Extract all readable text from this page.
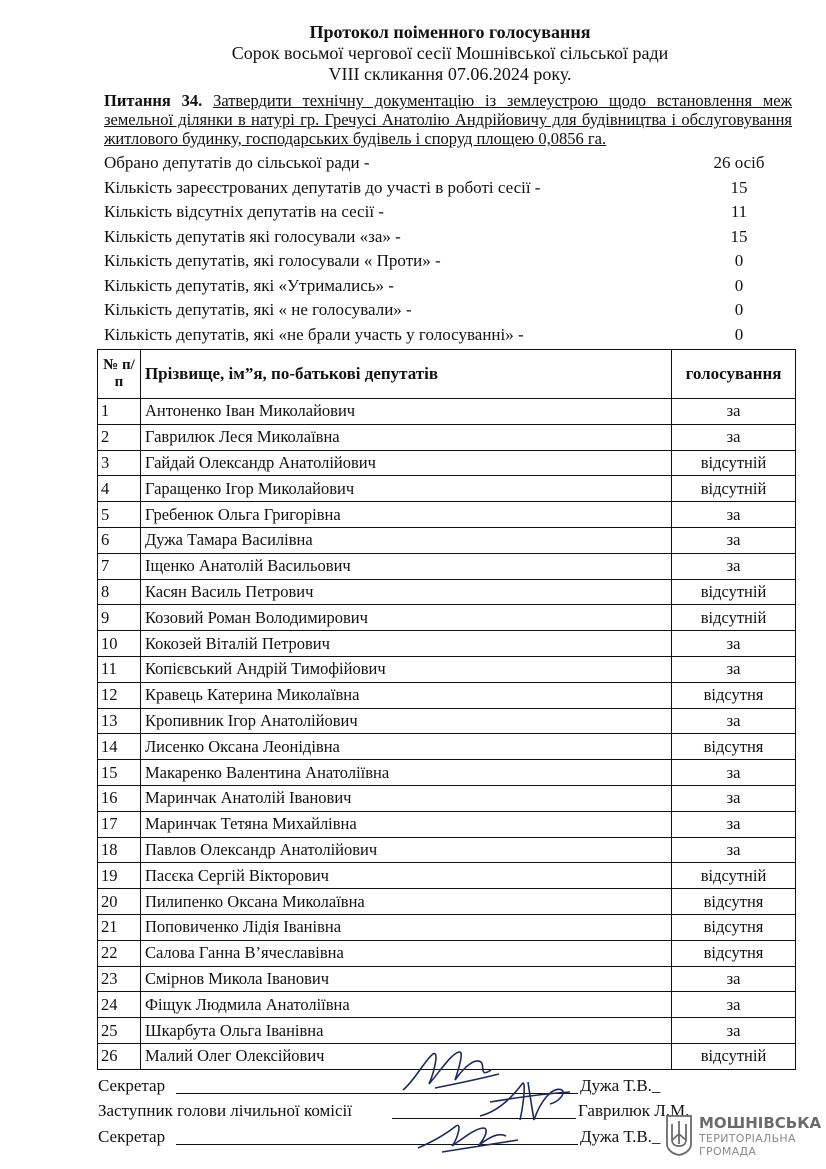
Протокол поіменного голосування
Сорок восьмої чергової сесії Мошнівської сільської ради
VIII скликання 07.06.2024 року.
Питання 34. Затвердити технічну документацію із землеустрою щодо встановлення меж земельної ділянки в натурі гр. Гречусі Анатолію Андрійовичу для будівництва і обслуговування житлового будинку, господарських будівель і споруд площею 0,0856 га.
Обрано депутатів до сільської ради -	26 осіб
Кількість зареєстрованих депутатів до участі в роботі сесії -	15
Кількість відсутніх депутатів на сесії -	11
Кількість депутатів які голосували «за» -	15
Кількість депутатів, які голосували « Проти» -	0
Кількість депутатів, які «Утримались» -	0
Кількість депутатів, які « не голосували» -	0
Кількість депутатів, які «не брали участь у голосуванні» -	0
№ п/п	Прізвище, ім”я, по-батькові депутатів	голосування
1	Антоненко Іван Миколайович	за
2	Гаврилюк Леся Миколаївна	за
3	Гайдай Олександр Анатолійович	відсутній
4	Гаращенко Ігор Миколайович	відсутній
5	Гребенюк Ольга Григорівна	за
6	Дужа Тамара Василівна	за
7	Іщенко Анатолій Васильович	за
8	Касян Василь Петрович	відсутній
9	Козовий Роман Володимирович	відсутній
10	Кокозей Віталій Петрович	за
11	Копієвський Андрій Тимофійович	за
12	Кравець Катерина Миколаївна	відсутня
13	Кропивник Ігор Анатолійович	за
14	Лисенко Оксана Леонідівна	відсутня
15	Макаренко Валентина Анатоліївна	за
16	Маринчак Анатолій Іванович	за
17	Маринчак Тетяна Михайлівна	за
18	Павлов Олександр Анатолійович	за
19	Пасєка Сергій Вікторович	відсутній
20	Пилипенко Оксана Миколаївна	відсутня
21	Поповиченко Лідія Іванівна	відсутня
22	Салова Ганна В’ячеславівна	відсутня
23	Смірнов Микола Іванович	за
24	Фіщук Людмила Анатоліївна	за
25	Шкарбута Ольга Іванівна	за
26	Малий Олег Олексійович	відсутній
Секретар	Дужа Т.В._
Заступник голови лічильної комісії	Гаврилюк Л.М.
Секретар	Дужа Т.В._
МОШНІВСЬКА
ТЕРИТОРІАЛЬНА
ГРОМАДА
